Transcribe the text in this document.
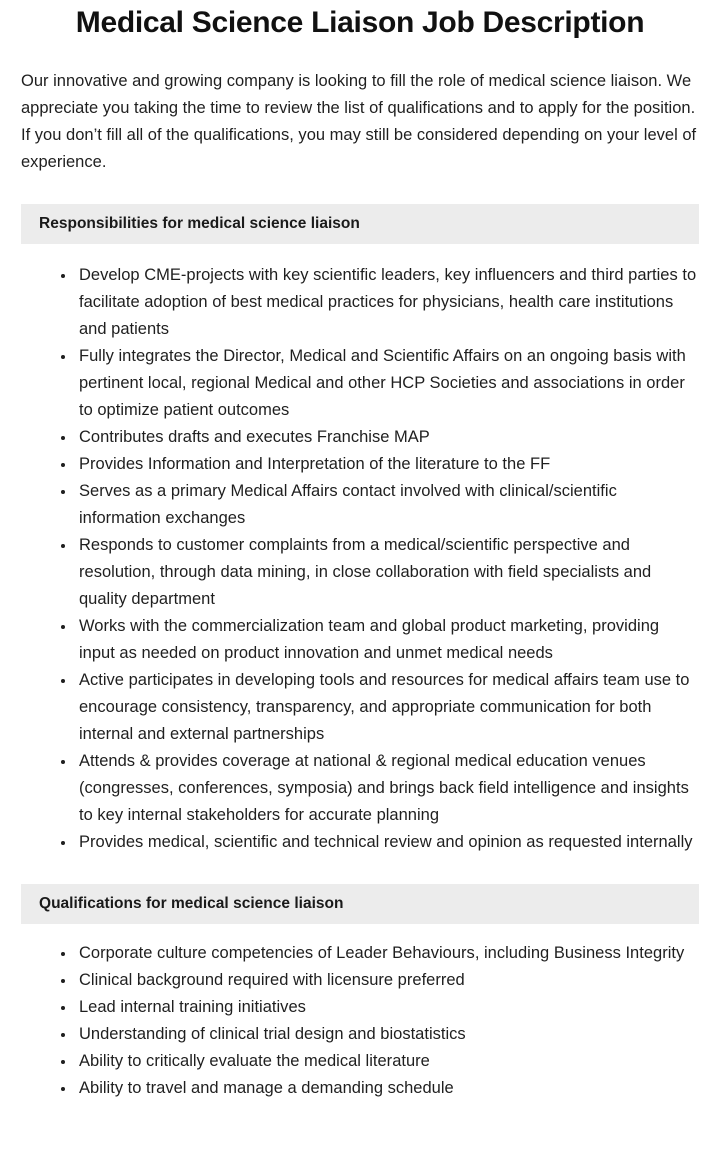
Medical Science Liaison Job Description

Our innovative and growing company is looking to fill the role of medical science liaison. We appreciate you taking the time to review the list of qualifications and to apply for the position. If you don’t fill all of the qualifications, you may still be considered depending on your level of experience.

Responsibilities for medical science liaison
Develop CME-projects with key scientific leaders, key influencers and third parties to facilitate adoption of best medical practices for physicians, health care institutions and patients
Fully integrates the Director, Medical and Scientific Affairs on an ongoing basis with pertinent local, regional Medical and other HCP Societies and associations in order to optimize patient outcomes
Contributes drafts and executes Franchise MAP
Provides Information and Interpretation of the literature to the FF
Serves as a primary Medical Affairs contact involved with clinical/scientific information exchanges
Responds to customer complaints from a medical/scientific perspective and resolution, through data mining, in close collaboration with field specialists and quality department
Works with the commercialization team and global product marketing, providing input as needed on product innovation and unmet medical needs
Active participates in developing tools and resources for medical affairs team use to encourage consistency, transparency, and appropriate communication for both internal and external partnerships
Attends & provides coverage at national & regional medical education venues (congresses, conferences, symposia) and brings back field intelligence and insights to key internal stakeholders for accurate planning
Provides medical, scientific and technical review and opinion as requested internally
Qualifications for medical science liaison
Corporate culture competencies of Leader Behaviours, including Business Integrity
Clinical background required with licensure preferred
Lead internal training initiatives
Understanding of clinical trial design and biostatistics
Ability to critically evaluate the medical literature
Ability to travel and manage a demanding schedule
